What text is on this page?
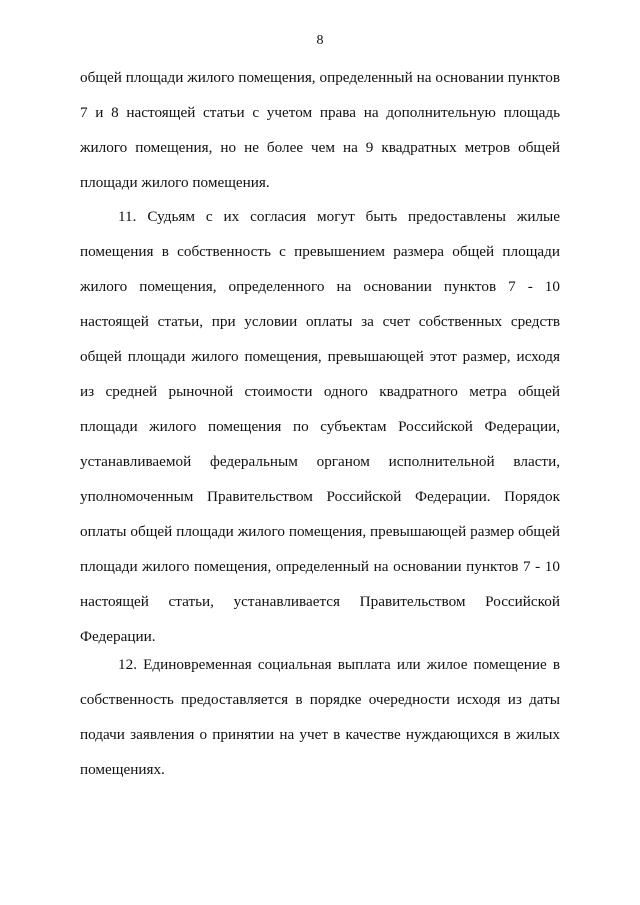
8
общей площади жилого помещения, определенный на основании пунктов
7 и 8 настоящей статьи с учетом права на дополнительную площадь
жилого помещения, но не более чем на 9 квадратных метров общей
площади жилого помещения.
11. Судьям с их согласия могут быть предоставлены жилые
помещения в собственность с превышением размера общей площади
жилого помещения, определенного на основании пунктов 7 - 10
настоящей статьи, при условии оплаты за счет собственных средств
общей площади жилого помещения, превышающей этот размер, исходя
из средней рыночной стоимости одного квадратного метра общей
площади жилого помещения по субъектам Российской Федерации,
устанавливаемой федеральным органом исполнительной власти,
уполномоченным Правительством Российской Федерации. Порядок
оплаты общей площади жилого помещения, превышающей размер общей
площади жилого помещения, определенный на основании пунктов 7 - 10
настоящей статьи, устанавливается Правительством Российской
Федерации.
12. Единовременная социальная выплата или жилое помещение в
собственность предоставляется в порядке очередности исходя из даты
подачи заявления о принятии на учет в качестве нуждающихся в жилых
помещениях.
